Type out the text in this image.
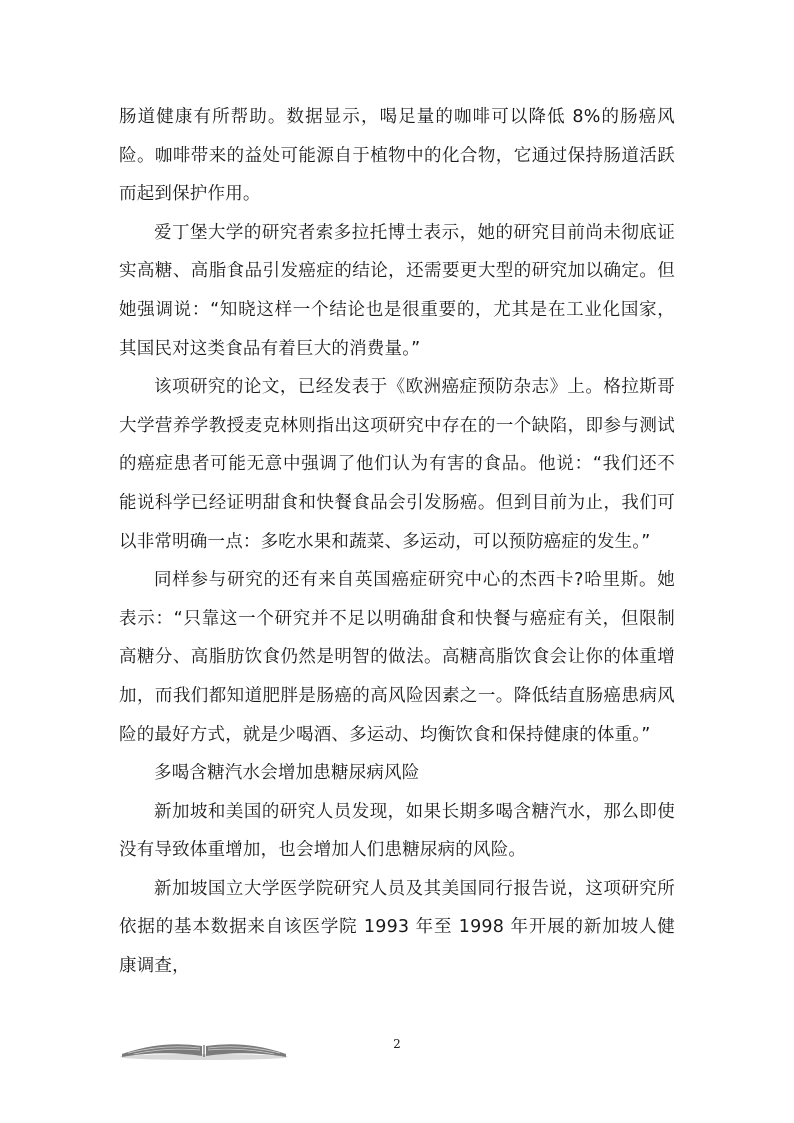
肠道健康有所帮助。数据显示，喝足量的咖啡可以降低 8%的肠癌风险。咖啡带来的益处可能源自于植物中的化合物，它通过保持肠道活跃而起到保护作用。

爱丁堡大学的研究者索多拉托博士表示，她的研究目前尚未彻底证实高糖、高脂食品引发癌症的结论，还需要更大型的研究加以确定。但她强调说：“知晓这样一个结论也是很重要的，尤其是在工业化国家，其国民对这类食品有着巨大的消费量。”

该项研究的论文，已经发表于《欧洲癌症预防杂志》上。格拉斯哥大学营养学教授麦克林则指出这项研究中存在的一个缺陷，即参与测试的癌症患者可能无意中强调了他们认为有害的食品。他说：“我们还不能说科学已经证明甜食和快餐食品会引发肠癌。但到目前为止，我们可以非常明确一点：多吃水果和蔬菜、多运动，可以预防癌症的发生。”

同样参与研究的还有来自英国癌症研究中心的杰西卡?哈里斯。她表示：“只靠这一个研究并不足以明确甜食和快餐与癌症有关，但限制高糖分、高脂肪饮食仍然是明智的做法。高糖高脂饮食会让你的体重增加，而我们都知道肥胖是肠癌的高风险因素之一。降低结直肠癌患病风险的最好方式，就是少喝酒、多运动、均衡饮食和保持健康的体重。”

多喝含糖汽水会增加患糖尿病风险

新加坡和美国的研究人员发现，如果长期多喝含糖汽水，那么即使没有导致体重增加，也会增加人们患糖尿病的风险。

新加坡国立大学医学院研究人员及其美国同行报告说，这项研究所依据的基本数据来自该医学院 1993 年至 1998 年开展的新加坡人健康调查，

2
